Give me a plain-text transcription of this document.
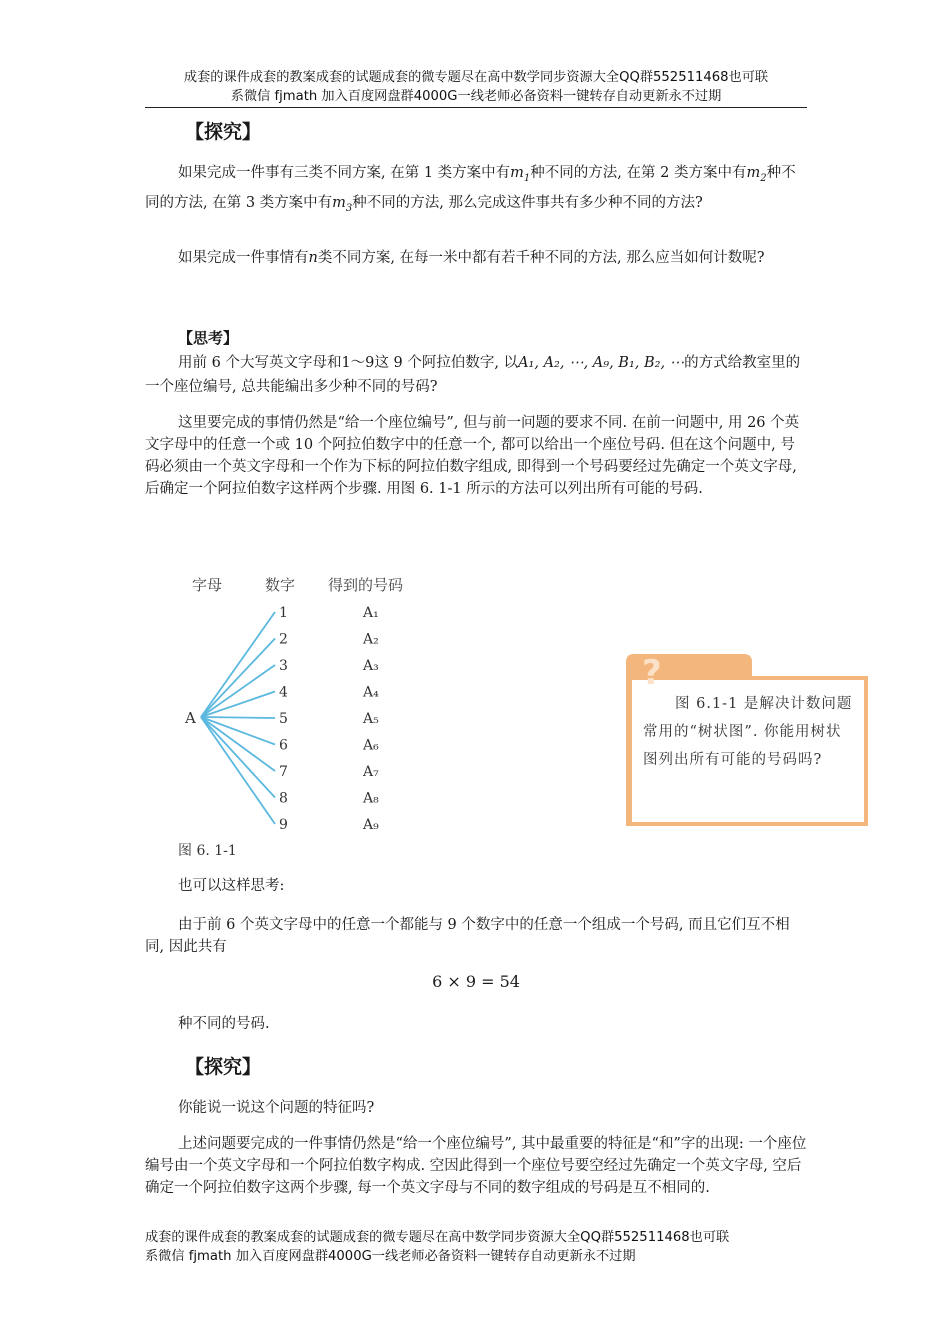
成套的课件成套的教案成套的试题成套的微专题尽在高中数学同步资源大全QQ群552511468也可联
系微信 fjmath 加入百度网盘群4000G一线老师必备资料一键转存自动更新永不过期
【探究】
如果完成一件事有三类不同方案, 在第 1 类方案中有$m_1$种不同的方法, 在第 2 类方案中有$m_2$种不同的方法, 在第 3 类方案中有$m_3$种不同的方法, 那么完成这件事共有多少种不同的方法?
如果完成一件事情有n类不同方案, 在每一米中都有若千种不同的方法, 那么应当如何计数呢?
【思考】
用前 6 个大写英文字母和1～9这 9 个阿拉伯数字, 以A₁, A₂, ⋯, A₉, B₁, B₂, ⋯的方式给教室里的一个座位编号, 总共能编出多少种不同的号码?
这里要完成的事情仍然是“给一个座位编号”, 但与前一问题的要求不同. 在前一问题中, 用 26 个英文字母中的任意一个或 10 个阿拉伯数字中的任意一个, 都可以给出一个座位号码. 但在这个问题中, 号码必须由一个英文字母和一个作为下标的阿拉伯数字组成, 即得到一个号码要经过先确定一个英文字母, 后确定一个阿拉伯数字这样两个步骤. 用图 6. 1-1 所示的方法可以列出所有可能的号码.
字母	数字 得到的号码
A
1	A₁
2	A₂
3	A₃
4	A₄
5	A₅
6	A₆
7	A₇
8	A₈
9	A₉
图 6. 1-1
?
图 6.1-1 是解决计数问题常用的“树状图”. 你能用树状图列出所有可能的号码吗?
也可以这样思考:
由于前 6 个英文字母中的任意一个都能与 9 个数字中的任意一个组成一个号码, 而且它们互不相同, 因此共有
6 × 9 = 54
种不同的号码.
【探究】
你能说一说这个问题的特征吗?
上述问题要完成的一件事情仍然是“给一个座位编号”, 其中最重要的特征是“和”字的出现: 一个座位编号由一个英文字母和一个阿拉伯数字构成. 空因此得到一个座位号要空经过先确定一个英文字母, 空后确定一个阿拉伯数字这两个步骤, 每一个英文字母与不同的数字组成的号码是互不相同的.
成套的课件成套的教案成套的试题成套的微专题尽在高中数学同步资源大全QQ群552511468也可联
系微信 fjmath 加入百度网盘群4000G一线老师必备资料一键转存自动更新永不过期
